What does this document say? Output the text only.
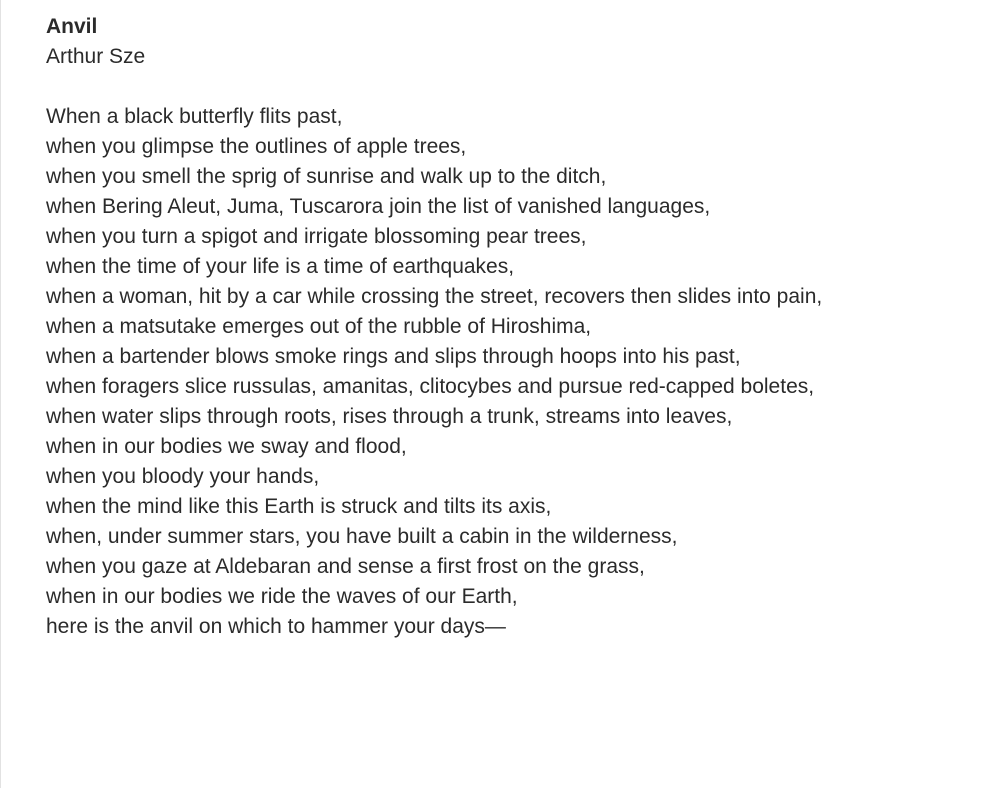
Anvil
Arthur Sze
When a black butterfly flits past,
when you glimpse the outlines of apple trees,
when you smell the sprig of sunrise and walk up to the ditch,
when Bering Aleut, Juma, Tuscarora join the list of vanished languages,
when you turn a spigot and irrigate blossoming pear trees,
when the time of your life is a time of earthquakes,
when a woman, hit by a car while crossing the street, recovers then slides into pain,
when a matsutake emerges out of the rubble of Hiroshima,
when a bartender blows smoke rings and slips through hoops into his past,
when foragers slice russulas, amanitas, clitocybes and pursue red-capped boletes,
when water slips through roots, rises through a trunk, streams into leaves,
when in our bodies we sway and flood,
when you bloody your hands,
when the mind like this Earth is struck and tilts its axis,
when, under summer stars, you have built a cabin in the wilderness,
when you gaze at Aldebaran and sense a first frost on the grass,
when in our bodies we ride the waves of our Earth,
here is the anvil on which to hammer your days—
